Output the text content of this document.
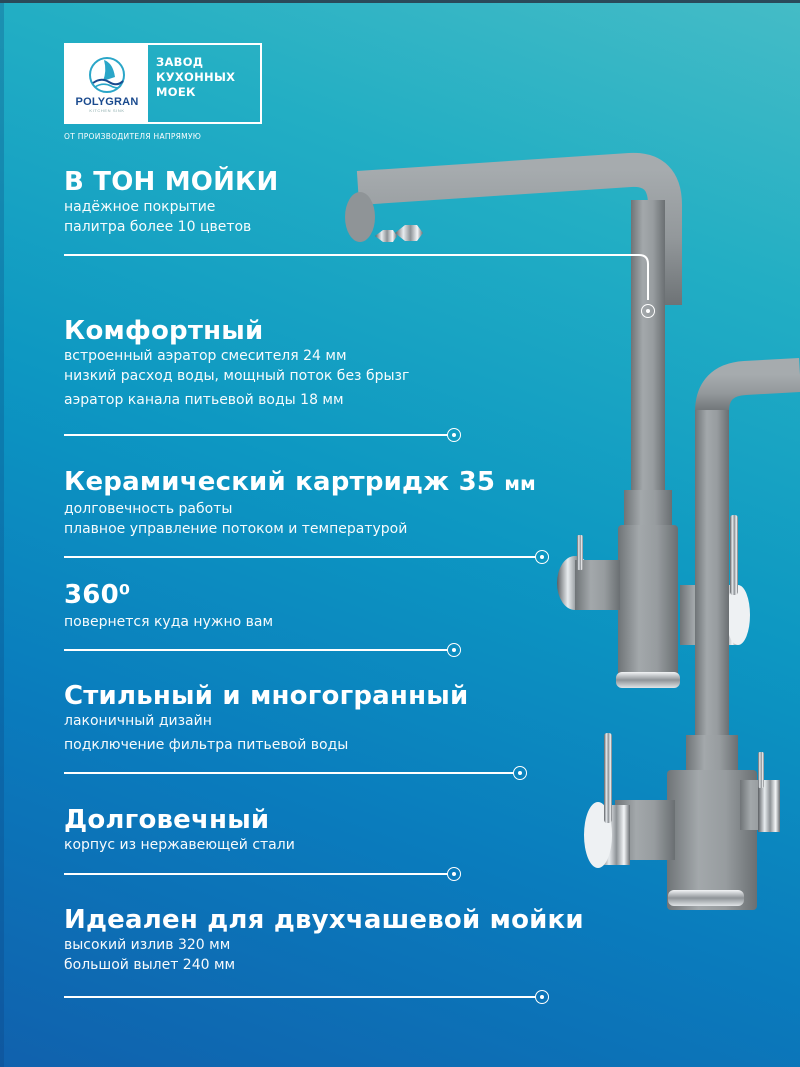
POLYGRAN
KITCHEN SINK
ЗАВОД
КУХОННЫХ
МОЕК
ОТ ПРОИЗВОДИТЕЛЯ НАПРЯМУЮ
В ТОН МОЙКИ
надёжное покрытие
палитра более 10 цветов
Комфортный
встроенный аэратор смесителя 24 мм
низкий расход воды, мощный поток без брызг
аэратор канала питьевой воды 18 мм
Керамический картридж 35 мм
долговечность работы
плавное управление потоком и температурой
360⁰
повернется куда нужно вам
Стильный и многогранный
лаконичный дизайн
подключение фильтра питьевой воды
Долговечный
корпус из нержавеющей стали
Идеален для двухчашевой мойки
высокий излив 320 мм
большой вылет 240 мм
